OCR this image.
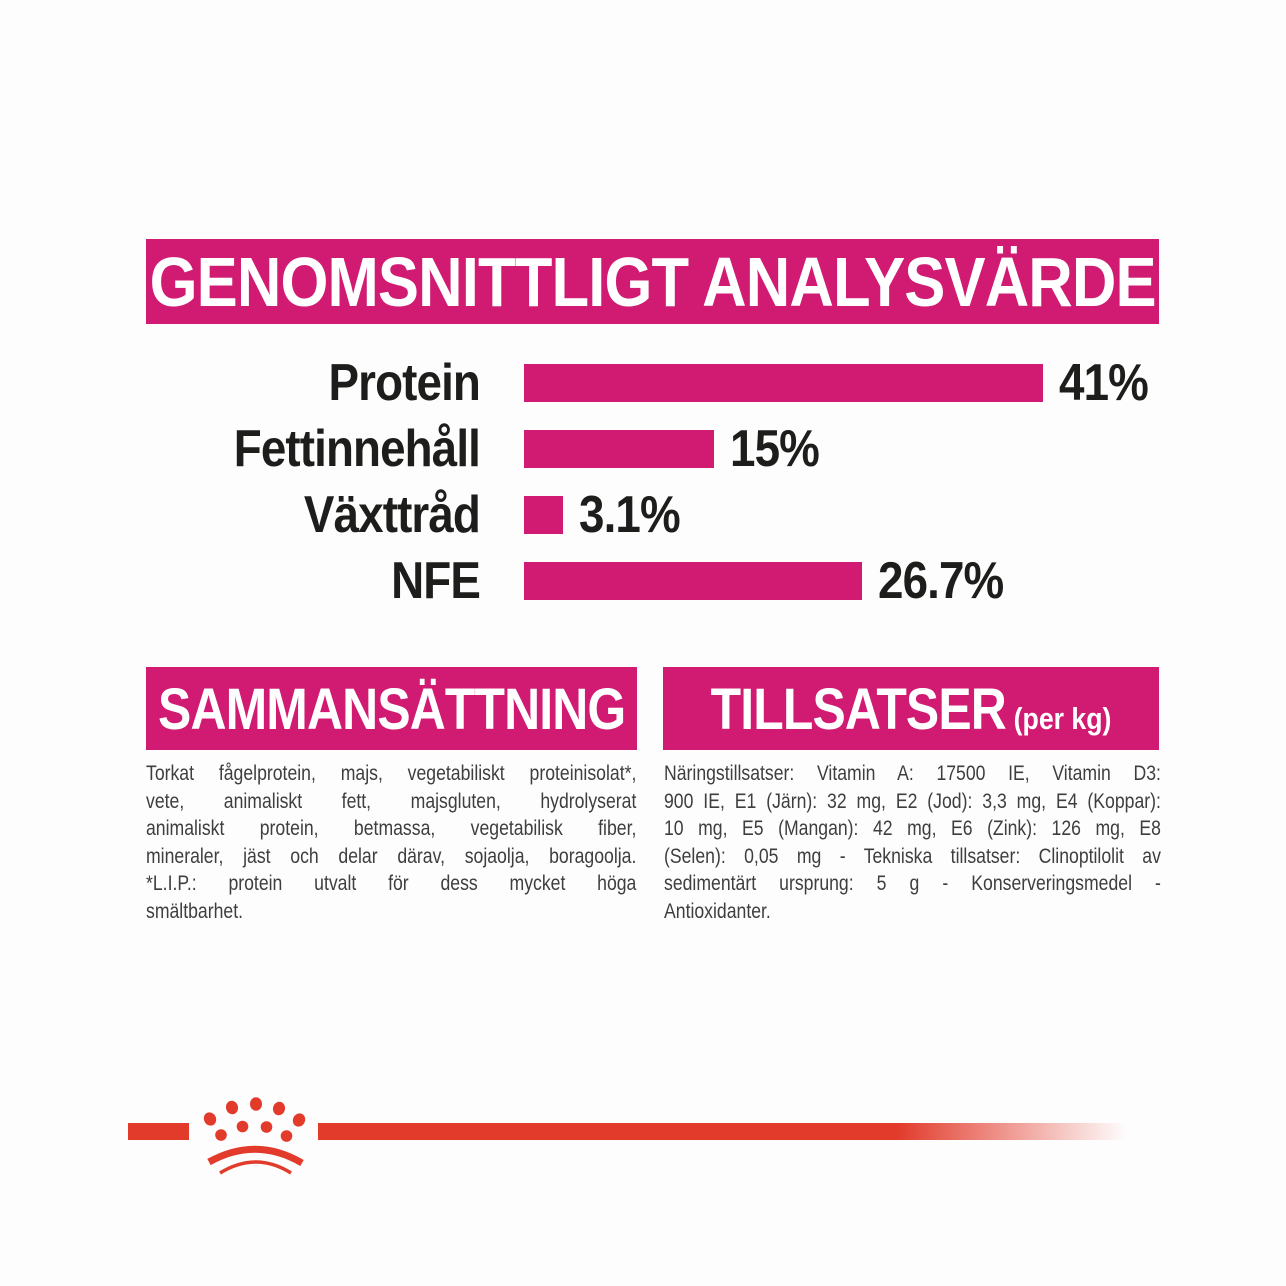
GENOMSNITTLIGT ANALYSVÄRDE
Protein	41%
Fettinnehåll	15%
Växttråd 3.1%
NFE	26.7%
SAMMANSÄTTNING TILLSATSER (per kg)
Torkat fågelprotein, majs, vegetabiliskt proteinisolat*,
vete, animaliskt fett, majsgluten, hydrolyserat
animaliskt protein, betmassa, vegetabilisk fiber,
mineraler, jäst och delar därav, sojaolja, boragoolja.
*L.I.P.: protein utvalt för dess mycket höga
smältbarhet.
Näringstillsatser: Vitamin A: 17500 IE, Vitamin D3:
900 IE, E1 (Järn): 32 mg, E2 (Jod): 3,3 mg, E4 (Koppar):
10 mg, E5 (Mangan): 42 mg, E6 (Zink): 126 mg, E8
(Selen): 0,05 mg - Tekniska tillsatser: Clinoptilolit av
sedimentärt ursprung: 5 g - Konserveringsmedel -
Antioxidanter.
